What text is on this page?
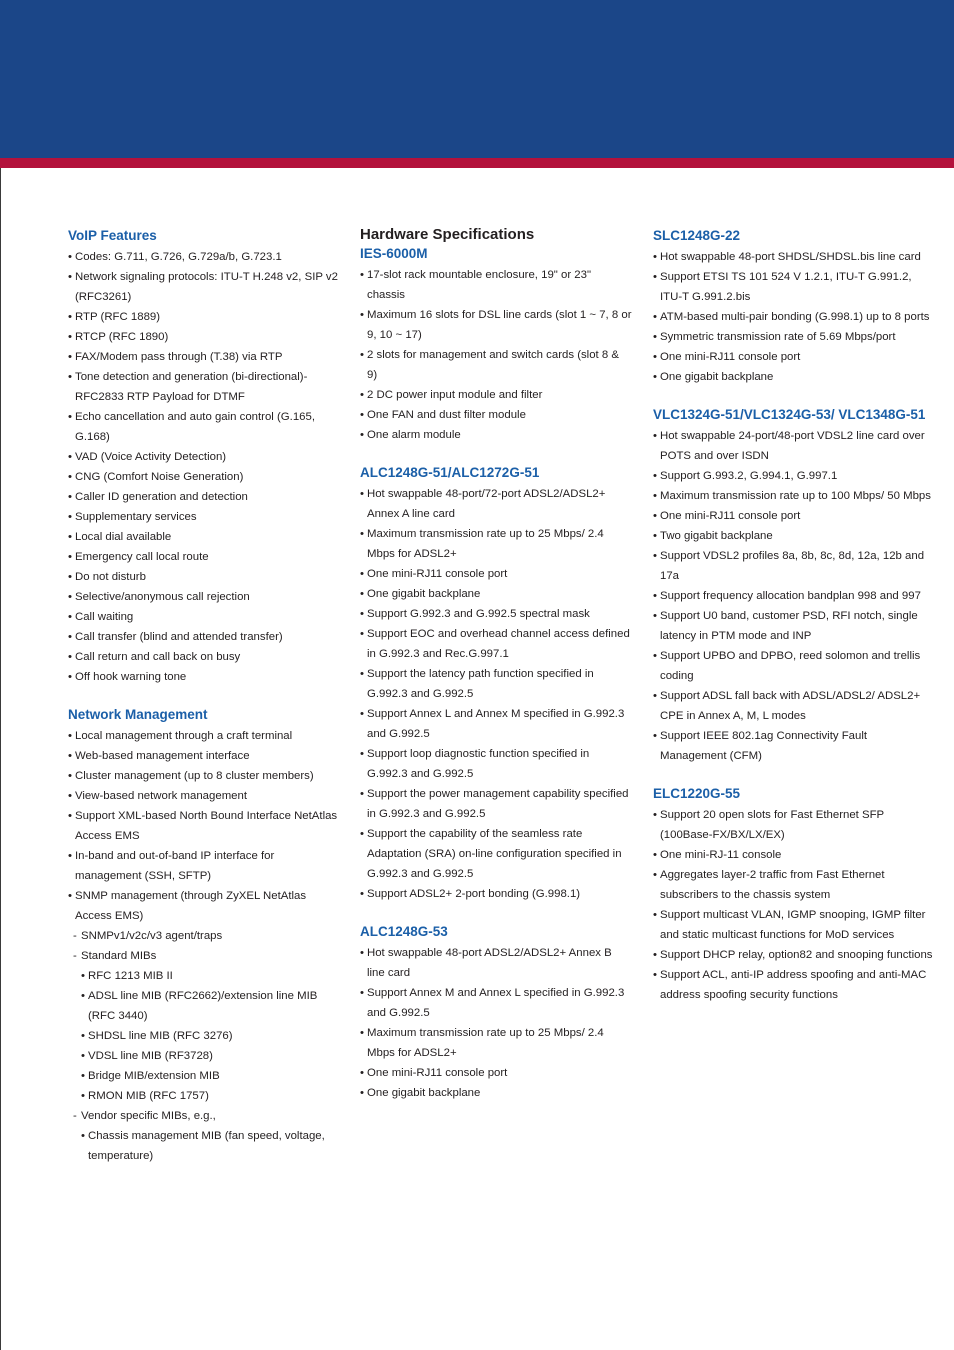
VoIP Features
• Codes: G.711, G.726, G.729a/b, G.723.1
• Network signaling protocols: ITU-T H.248 v2, SIP v2 (RFC3261)
• RTP (RFC 1889)
• RTCP (RFC 1890)
• FAX/Modem pass through (T.38) via RTP
• Tone detection and generation (bi-directional)- RFC2833 RTP Payload for DTMF
• Echo cancellation and auto gain control (G.165, G.168)
• VAD (Voice Activity Detection)
• CNG (Comfort Noise Generation)
• Caller ID generation and detection
• Supplementary services
• Local dial available
• Emergency call local route
• Do not disturb
• Selective/anonymous call rejection
• Call waiting
• Call transfer (blind and attended transfer)
• Call return and call back on busy
• Off hook warning tone
Network Management
• Local management through a craft terminal
• Web-based management interface
• Cluster management (up to 8 cluster members)
• View-based network management
• Support XML-based North Bound Interface NetAtlas Access EMS
• In-band and out-of-band IP interface for management (SSH, SFTP)
• SNMP management (through ZyXEL NetAtlas Access EMS)
- SNMPv1/v2c/v3 agent/traps
- Standard MIBs
• RFC 1213 MIB II
• ADSL line MIB (RFC2662)/extension line MIB (RFC 3440)
• SHDSL line MIB (RFC 3276)
• VDSL line MIB (RF3728)
• Bridge MIB/extension MIB
• RMON MIB (RFC 1757)
- Vendor specific MIBs, e.g.,
• Chassis management MIB (fan speed, voltage, temperature)
Hardware Specifications
IES-6000M
• 17-slot rack mountable enclosure, 19" or 23" chassis
• Maximum 16 slots for DSL line cards (slot 1 ~ 7, 8 or 9, 10 ~ 17)
• 2 slots for management and switch cards (slot 8 & 9)
• 2 DC power input module and filter
• One FAN and dust filter module
• One alarm module
ALC1248G-51/ALC1272G-51
• Hot swappable 48-port/72-port ADSL2/ADSL2+ Annex A line card
• Maximum transmission rate up to 25 Mbps/ 2.4 Mbps for ADSL2+
• One mini-RJ11 console port
• One gigabit backplane
• Support G.992.3 and G.992.5 spectral mask
• Support EOC and overhead channel access defined in G.992.3 and Rec.G.997.1
• Support the latency path function specified in G.992.3 and G.992.5
• Support Annex L and Annex M specified in G.992.3 and G.992.5
• Support loop diagnostic function specified in G.992.3 and G.992.5
• Support the power management capability specified in G.992.3 and G.992.5
• Support the capability of the seamless rate Adaptation (SRA) on-line configuration specified in G.992.3 and G.992.5
• Support ADSL2+ 2-port bonding (G.998.1)
ALC1248G-53
• Hot swappable 48-port ADSL2/ADSL2+ Annex B line card
• Support Annex M and Annex L specified in G.992.3 and G.992.5
• Maximum transmission rate up to 25 Mbps/ 2.4 Mbps for ADSL2+
• One mini-RJ11 console port
• One gigabit backplane
SLC1248G-22
• Hot swappable 48-port SHDSL/SHDSL.bis line card
• Support ETSI TS 101 524 V 1.2.1, ITU-T G.991.2, ITU-T G.991.2.bis
• ATM-based multi-pair bonding (G.998.1) up to 8 ports
• Symmetric transmission rate of 5.69 Mbps/port
• One mini-RJ11 console port
• One gigabit backplane
VLC1324G-51/VLC1324G-53/ VLC1348G-51
• Hot swappable 24-port/48-port VDSL2 line card over POTS and over ISDN
• Support G.993.2, G.994.1, G.997.1
• Maximum transmission rate up to 100 Mbps/ 50 Mbps
• One mini-RJ11 console port
• Two gigabit backplane
• Support VDSL2 profiles 8a, 8b, 8c, 8d, 12a, 12b and 17a
• Support frequency allocation bandplan 998 and 997
• Support U0 band, customer PSD, RFI notch, single latency in PTM mode and INP
• Support UPBO and DPBO, reed solomon and trellis coding
• Support ADSL fall back with ADSL/ADSL2/ ADSL2+ CPE in Annex A, M, L modes
• Support IEEE 802.1ag Connectivity Fault Management (CFM)
ELC1220G-55
• Support 20 open slots for Fast Ethernet SFP (100Base-FX/BX/LX/EX)
• One mini-RJ-11 console
• Aggregates layer-2 traffic from Fast Ethernet subscribers to the chassis system
• Support multicast VLAN, IGMP snooping, IGMP filter and static multicast functions for MoD services
• Support DHCP relay, option82 and snooping functions
• Support ACL, anti-IP address spoofing and anti-MAC address spoofing security functions
